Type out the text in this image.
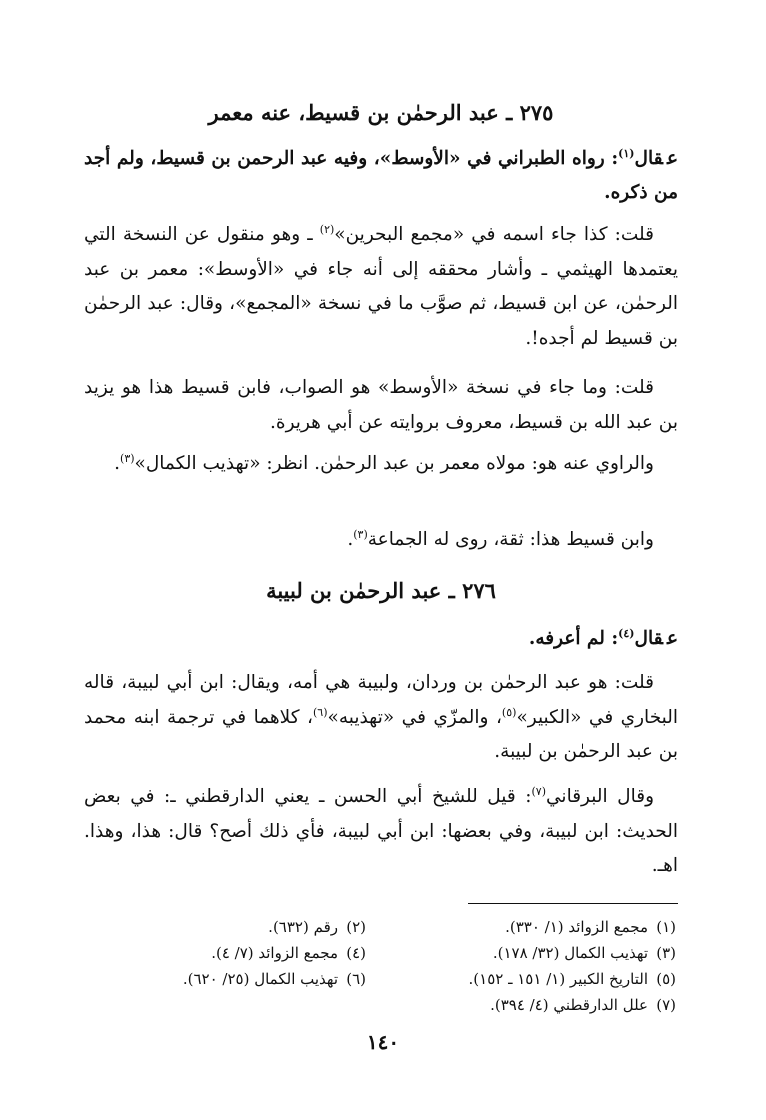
٢٧٥ ـ عبد الرحمٰن بن قسيط، عنه معمر

عقال$^{(١)}$: رواه الطبراني في «الأوسط»، وفيه عبد الرحمن بن قسيط، ولم أجد من ذكره.

قلت: كذا جاء اسمه في «مجمع البحرين»$^{(٢)}$ ـ وهو منقول عن النسخة التي يعتمدها الهيثمي ـ وأشار محققه إلى أنه جاء في «الأوسط»: معمر بن عبد الرحمٰن، عن ابن قسيط، ثم صوَّب ما في نسخة «المجمع»، وقال: عبد الرحمٰن بن قسيط لم أجده!.

قلت: وما جاء في نسخة «الأوسط» هو الصواب، فابن قسيط هذا هو يزيد بن عبد الله بن قسيط، معروف بروايته عن أبي هريرة.

والراوي عنه هو: مولاه معمر بن عبد الرحمٰن. انظر: «تهذيب الكمال»$^{(٣)}$.

وابن قسيط هذا: ثقة، روى له الجماعة$^{(٣)}$.

٢٧٦ ـ عبد الرحمٰن بن لبيبة

عقال$^{(٤)}$: لم أعرفه.

قلت: هو عبد الرحمٰن بن وردان، ولبيبة هي أمه، ويقال: ابن أبي لبيبة، قاله البخاري في «الكبير»$^{(٥)}$، والمزّي في «تهذيبه»$^{(٦)}$، كلاهما في ترجمة ابنه محمد بن عبد الرحمٰن بن لبيبة.

وقال البرقاني$^{(٧)}$: قيل للشيخ أبي الحسن ـ يعني الدارقطني ـ: في بعض الحديث: ابن لبيبة، وفي بعضها: ابن أبي لبيبة، فأي ذلك أصح؟ قال: هذا، وهذا. اهـ.

(١)مجمع الزوائد (١/ ٣٣٠).
(٢)رقم (٦٣٢).
(٣)تهذيب الكمال (٣٢/ ١٧٨).
(٤)مجمع الزوائد (٧/ ٤).
(٥)التاريخ الكبير (١/ ١٥١ ـ ١٥٢).
(٦)تهذيب الكمال (٢٥/ ٦٢٠).
(٧)علل الدارقطني (٤/ ٣٩٤).
١٤٠
